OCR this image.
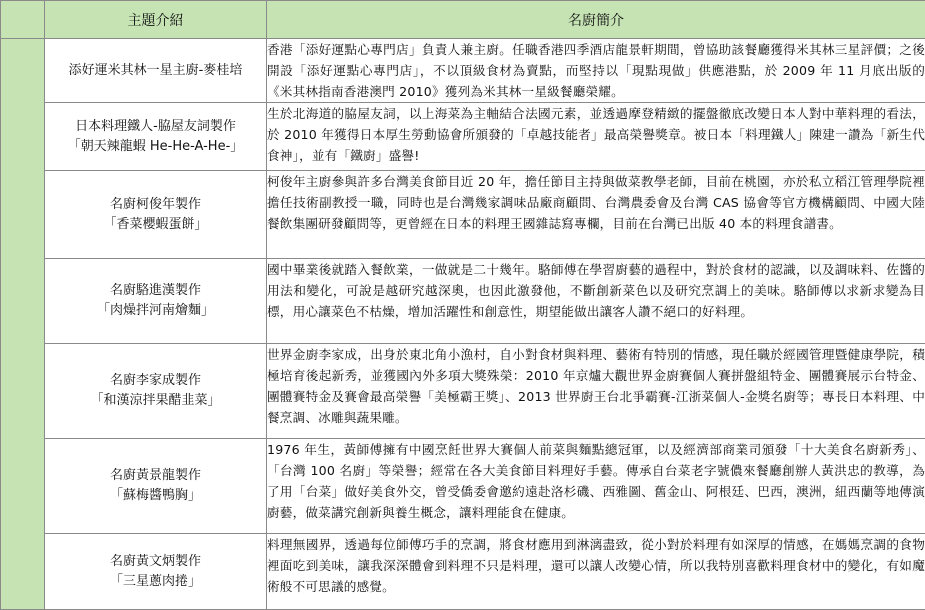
	主題介紹	名廚簡介

	添好運米其林一星主廚-麥桂培	香港「添好運點心專門店」負責人兼主廚。任職香港四季酒店龍景軒期間，曾協助該餐廳獲得米其林三星評價；之後開設「添好運點心專門店」，不以頂級食材為賣點，而堅持以「現點現做」供應港點，於 2009 年 11 月底出版的《米其林指南香港澳門 2010》獲列為米其林一星級餐廳榮耀。

	日本料理鐵人-脇屋友詞製作
「朝天辣龍蝦 He-He-A-He-」	生於北海道的脇屋友詞，以上海菜為主軸結合法國元素，並透過摩登精緻的擺盤徹底改變日本人對中華料理的看法，於 2010 年獲得日本厚生勞動協會所頒發的「卓越技能者」最高榮譽獎章。被日本「料理鐵人」陳建一讚為「新生代食神」，並有「鐵廚」盛譽!

	名廚柯俊年製作
「香菜櫻蝦蛋餅」	柯俊年主廚參與許多台灣美食節目近 20 年，擔任節目主持與做菜教學老師，目前在桃園，亦於私立稻江管理學院裡擔任技術副教授一職，同時也是台灣幾家調味品廠商顧問、台灣農委會及台灣 CAS 協會等官方機構顧問、中國大陸餐飲集團研發顧問等，更曾經在日本的料理王國雜誌寫專欄，目前在台灣已出版 40 本的料理食譜書。

	名廚駱進漢製作
「肉燥拌河南燴麵」	國中畢業後就踏入餐飲業，一做就是二十幾年。駱師傅在學習廚藝的過程中，對於食材的認識，以及調味料、佐醬的用法和變化，可說是越研究越深奧，也因此激發他，不斷創新菜色以及研究烹調上的美味。駱師傅以求新求變為目標，用心讓菜色不枯燥，增加活躍性和創意性，期望能做出讓客人讚不絕口的好料理。

	名廚李家成製作
「和漢涼拌果醋韭菜」	世界金廚李家成，出身於東北角小漁村，自小對食材與料理、藝術有特別的情感，現任職於經國管理暨健康學院，積極培育後起新秀，並獲國內外多項大獎殊榮：2010 年京爐大觀世界金廚賽個人賽拼盤組特金、團體賽展示台特金、團體賽特金及賽會最高榮譽「美極霸王獎」、2013 世界廚王台北爭霸賽-江浙菜個人-金獎名廚等；專長日本料理、中餐烹調、冰雕與蔬果雕。

	名廚黃景龍製作
「蘇梅醬鴨胸」	1976 年生，黃師傅擁有中國烹飪世界大賽個人前菜與麵點總冠軍，以及經濟部商業司頒發「十大美食名廚新秀」、「台灣 100 名廚」等榮譽；經常在各大美食節目料理好手藝。傳承自台菜老字號儂來餐廳創辦人黃洪忠的教導，為了用「台菜」做好美食外交，曾受僑委會邀約遠赴洛杉磯、西雅圖、舊金山、阿根廷、巴西，澳洲，紐西蘭等地傳演廚藝，做菜講究創新與養生概念，讓料理能食在健康。

	名廚黃文炳製作
「三星蔥肉捲」	料理無國界，透過每位師傅巧手的烹調，將食材應用到淋漓盡致，從小對於料理有如深厚的情感，在媽媽烹調的食物裡面吃到美味，讓我深深體會到料理不只是料理，還可以讓人改變心情，所以我特別喜歡料理食材中的變化，有如魔術般不可思議的感覺。
